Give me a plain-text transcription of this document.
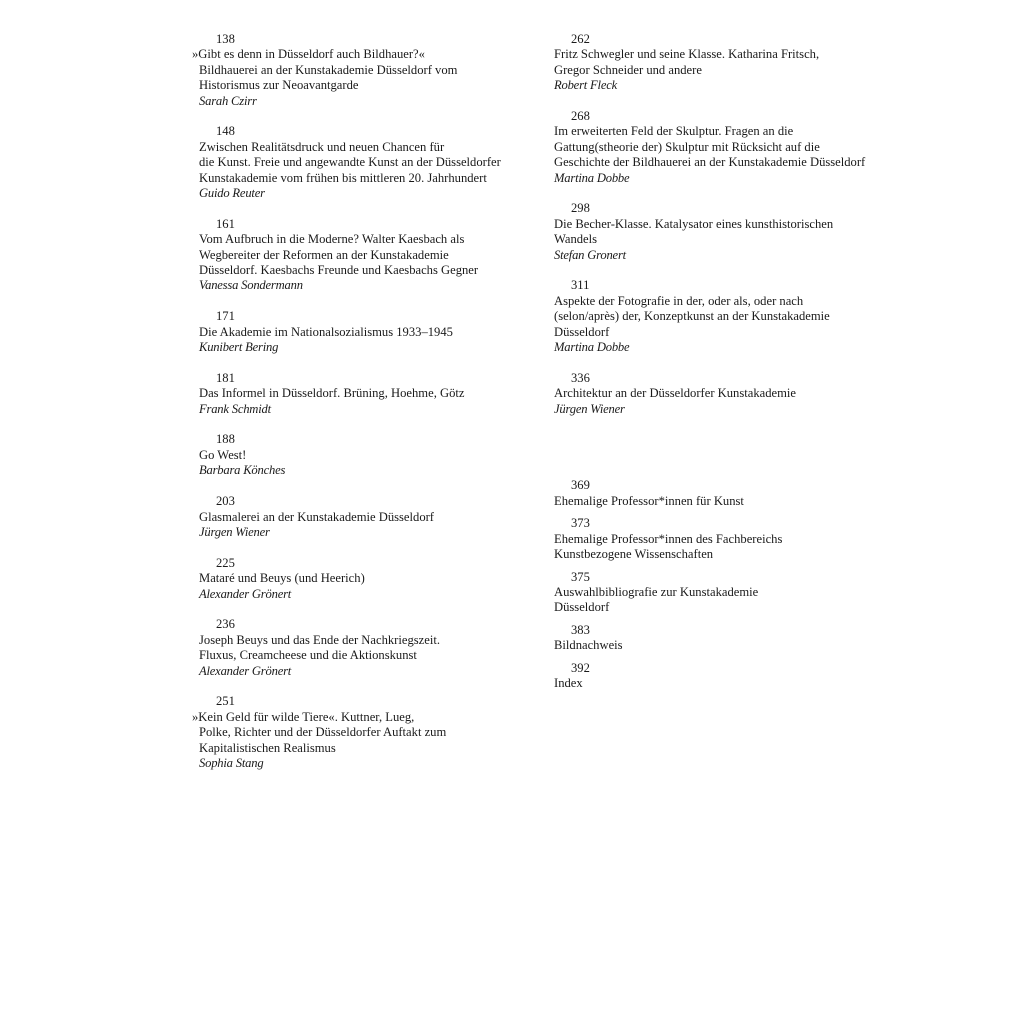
138
»Gibt es denn in Düsseldorf auch Bildhauer?«
Bildhauerei an der Kunstakademie Düsseldorf vom
Historismus zur Neoavantgarde
Sarah Czirr
148
Zwischen Realitätsdruck und neuen Chancen für
die Kunst. Freie und angewandte Kunst an der Düsseldorfer
Kunstakademie vom frühen bis mittleren 20. Jahrhundert
Guido Reuter
161
Vom Aufbruch in die Moderne? Walter Kaesbach als
Wegbereiter der Reformen an der Kunstakademie
Düsseldorf. Kaesbachs Freunde und Kaesbachs Gegner
Vanessa Sondermann
171
Die Akademie im Nationalsozialismus 1933–1945
Kunibert Bering
181
Das Informel in Düsseldorf. Brüning, Hoehme, Götz
Frank Schmidt
188
Go West!
Barbara Könches
203
Glasmalerei an der Kunstakademie Düsseldorf
Jürgen Wiener
225
Mataré und Beuys (und Heerich)
Alexander Grönert
236
Joseph Beuys und das Ende der Nachkriegszeit.
Fluxus, Creamcheese und die Aktionskunst
Alexander Grönert
251
»Kein Geld für wilde Tiere«. Kuttner, Lueg,
Polke, Richter und der Düsseldorfer Auftakt zum
Kapitalistischen Realismus
Sophia Stang
262
Fritz Schwegler und seine Klasse. Katharina Fritsch,
Gregor Schneider und andere
Robert Fleck
268
Im erweiterten Feld der Skulptur. Fragen an die
Gattung(stheorie der) Skulptur mit Rücksicht auf die
Geschichte der Bildhauerei an der Kunstakademie Düsseldorf
Martina Dobbe
298
Die Becher-Klasse. Katalysator eines kunsthistorischen
Wandels
Stefan Gronert
311
Aspekte der Fotografie in der, oder als, oder nach
(selon/après) der, Konzeptkunst an der Kunstakademie
Düsseldorf
Martina Dobbe
336
Architektur an der Düsseldorfer Kunstakademie
Jürgen Wiener
369
Ehemalige Professor*innen für Kunst
373
Ehemalige Professor*innen des Fachbereichs
Kunstbezogene Wissenschaften
375
Auswahlbibliografie zur Kunstakademie
Düsseldorf
383
Bildnachweis
392
Index
